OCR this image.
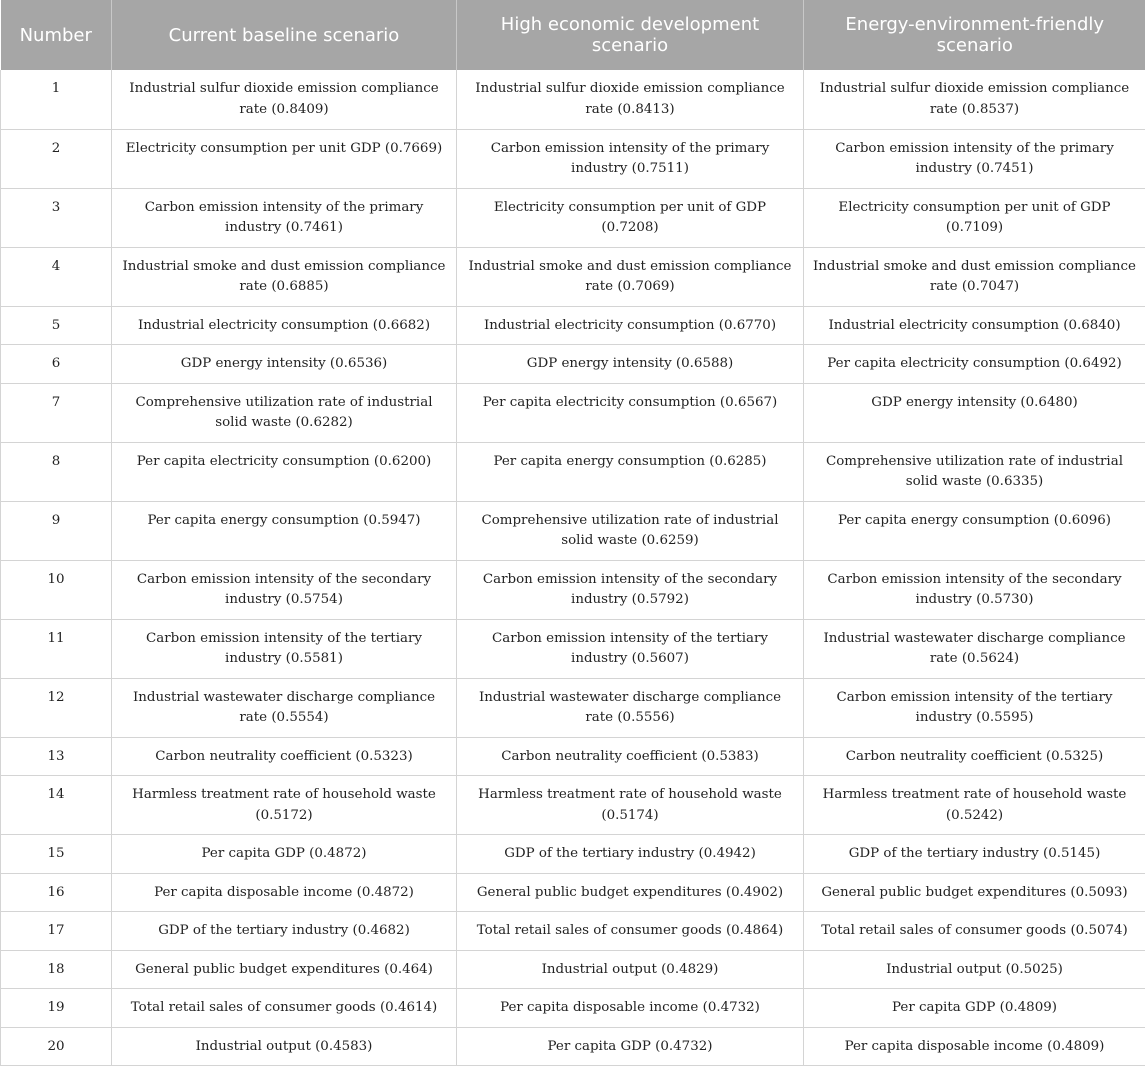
Number	Current baseline scenario	High economic development scenario	Energy-environment-friendly scenario
1	Industrial sulfur dioxide emission compliance rate (0.8409)	Industrial sulfur dioxide emission compliance rate (0.8413)	Industrial sulfur dioxide emission compliance rate (0.8537)
2	Electricity consumption per unit GDP (0.7669)	Carbon emission intensity of the primary industry (0.7511)	Carbon emission intensity of the primary industry (0.7451)
3	Carbon emission intensity of the primary industry (0.7461)	Electricity consumption per unit of GDP (0.7208)	Electricity consumption per unit of GDP (0.7109)
4	Industrial smoke and dust emission compliance rate (0.6885)	Industrial smoke and dust emission compliance rate (0.7069)	Industrial smoke and dust emission compliance rate (0.7047)
5	Industrial electricity consumption (0.6682)	Industrial electricity consumption (0.6770)	Industrial electricity consumption (0.6840)
6	GDP energy intensity (0.6536)	GDP energy intensity (0.6588)	Per capita electricity consumption (0.6492)
7	Comprehensive utilization rate of industrial solid waste (0.6282)	Per capita electricity consumption (0.6567)	GDP energy intensity (0.6480)
8	Per capita electricity consumption (0.6200)	Per capita energy consumption (0.6285)	Comprehensive utilization rate of industrial solid waste (0.6335)
9	Per capita energy consumption (0.5947)	Comprehensive utilization rate of industrial solid waste (0.6259)	Per capita energy consumption (0.6096)
10	Carbon emission intensity of the secondary industry (0.5754)	Carbon emission intensity of the secondary industry (0.5792)	Carbon emission intensity of the secondary industry (0.5730)
11	Carbon emission intensity of the tertiary industry (0.5581)	Carbon emission intensity of the tertiary industry (0.5607)	Industrial wastewater discharge compliance rate (0.5624)
12	Industrial wastewater discharge compliance rate (0.5554)	Industrial wastewater discharge compliance rate (0.5556)	Carbon emission intensity of the tertiary industry (0.5595)
13	Carbon neutrality coefficient (0.5323)	Carbon neutrality coefficient (0.5383)	Carbon neutrality coefficient (0.5325)
14	Harmless treatment rate of household waste (0.5172)	Harmless treatment rate of household waste (0.5174)	Harmless treatment rate of household waste (0.5242)
15	Per capita GDP (0.4872)	GDP of the tertiary industry (0.4942)	GDP of the tertiary industry (0.5145)
16	Per capita disposable income (0.4872)	General public budget expenditures (0.4902)	General public budget expenditures (0.5093)
17	GDP of the tertiary industry (0.4682)	Total retail sales of consumer goods (0.4864)	Total retail sales of consumer goods (0.5074)
18	General public budget expenditures (0.464)	Industrial output (0.4829)	Industrial output (0.5025)
19	Total retail sales of consumer goods (0.4614)	Per capita disposable income (0.4732)	Per capita GDP (0.4809)
20	Industrial output (0.4583)	Per capita GDP (0.4732)	Per capita disposable income (0.4809)
